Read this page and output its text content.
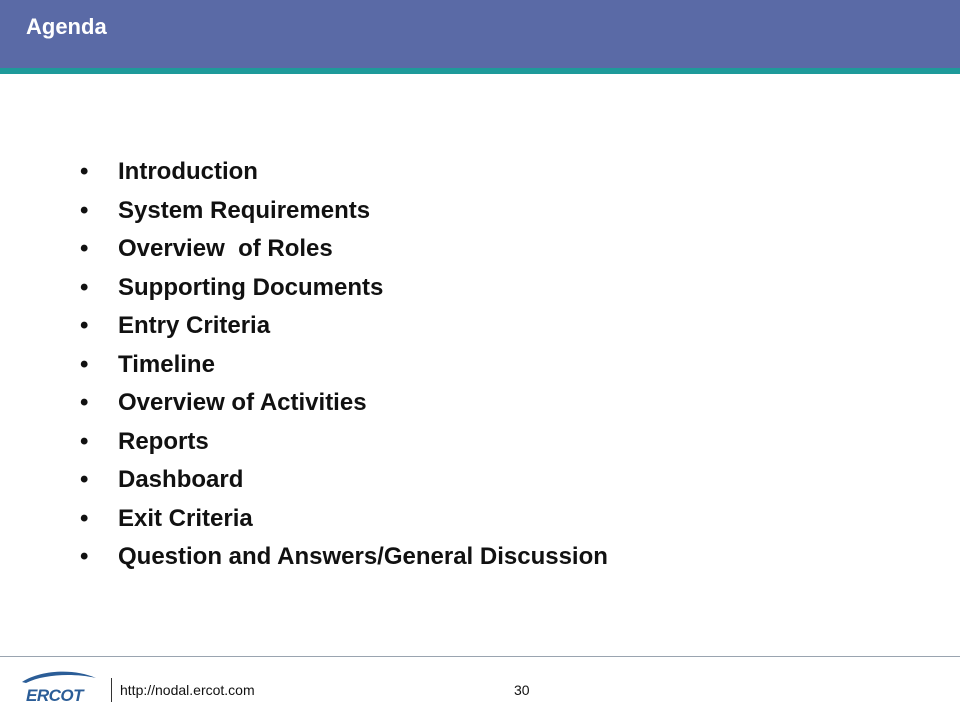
Agenda
•	Introduction
•	System Requirements
•	Overview  of Roles
•	Supporting Documents
•	Entry Criteria
•	Timeline
•	Overview of Activities
•	Reports
•	Dashboard
•	Exit Criteria
•	Question and Answers/General Discussion
ERCOT	http://nodal.ercot.com	30
